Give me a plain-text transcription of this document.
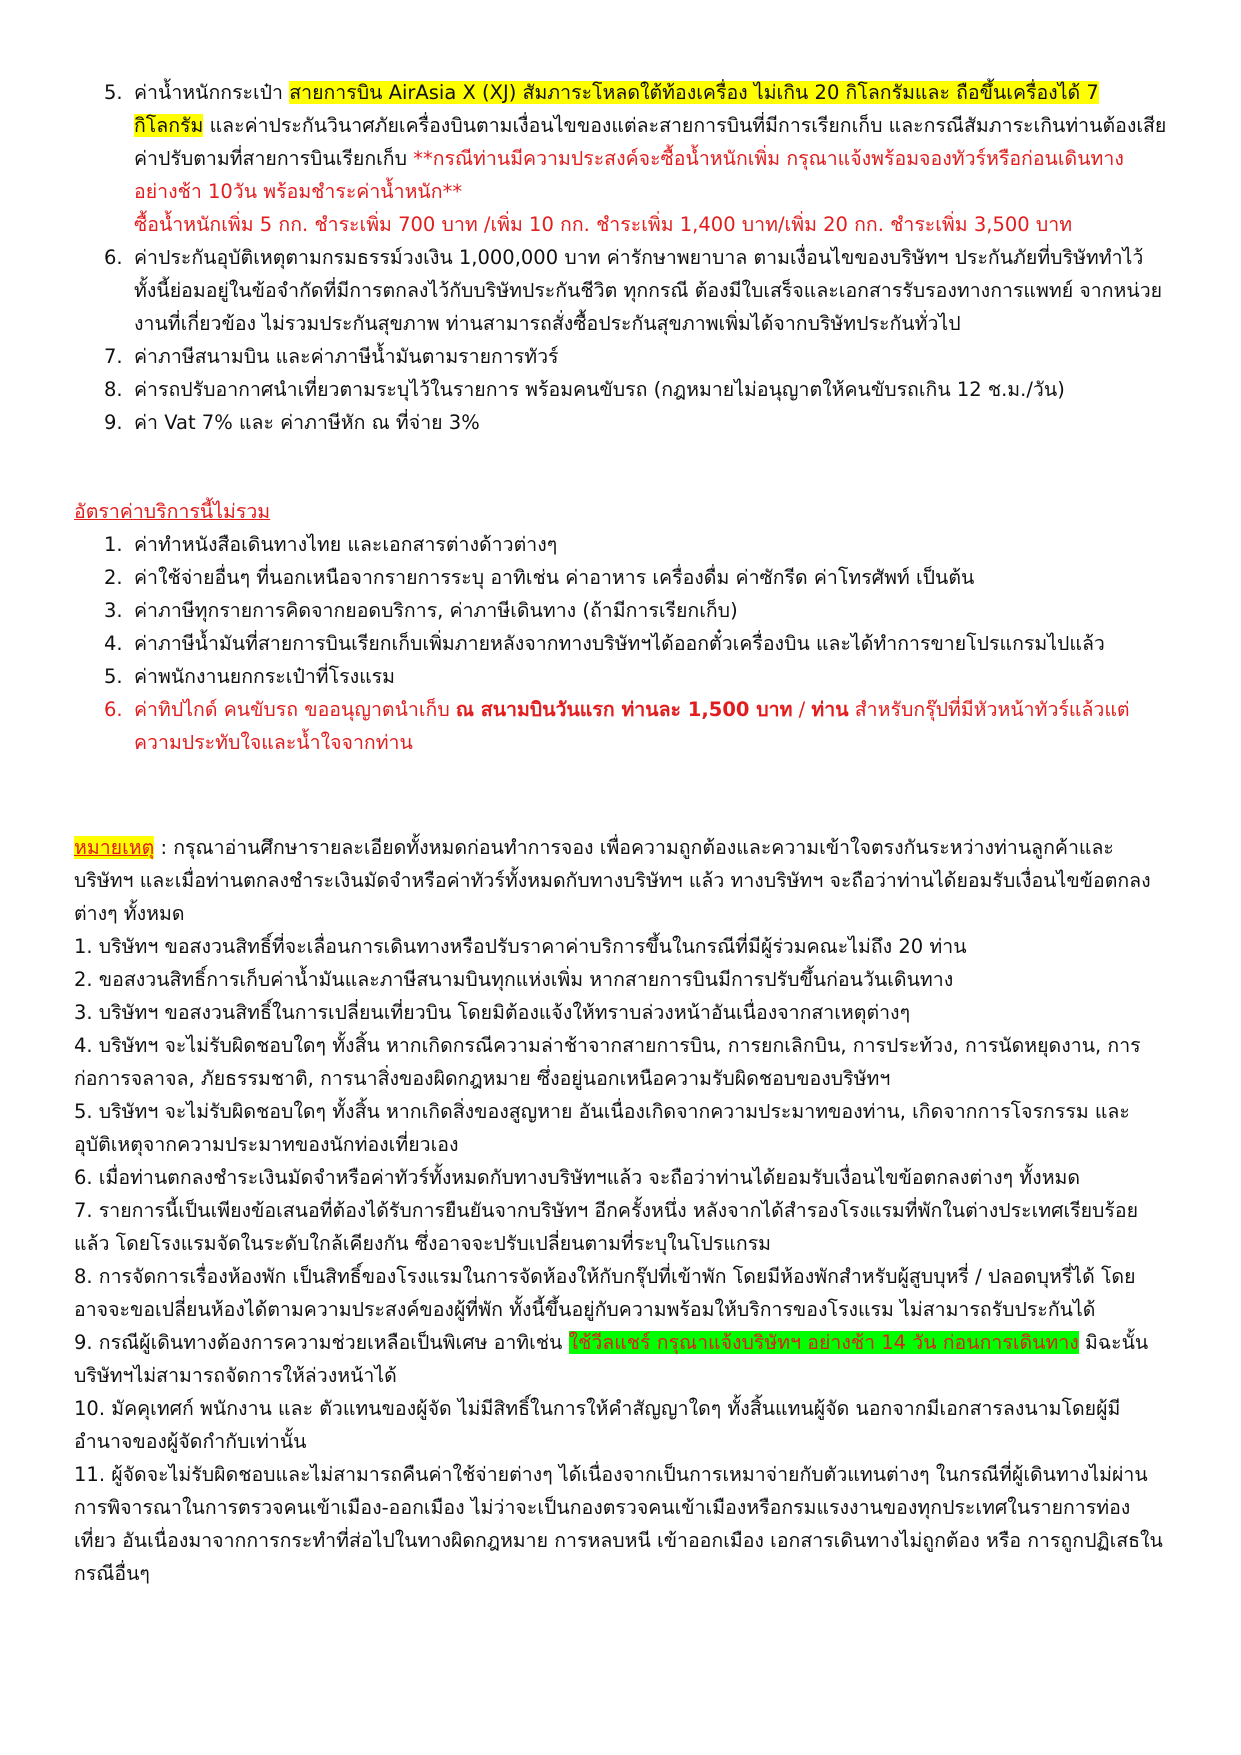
5. ค่าน้ำหนักกระเป๋า สายการบิน AirAsia X (XJ) สัมภาระโหลดใต้ท้องเครื่อง ไม่เกิน 20 กิโลกรัมและ ถือขึ้นเครื่องได้ 7 กิโลกรัม และค่าประกันวินาศภัยเครื่องบินตามเงื่อนไขของแต่ละสายการบินที่มีการเรียกเก็บ และกรณีสัมภาระเกินท่านต้องเสียค่าปรับตามที่สายการบินเรียกเก็บ **กรณีท่านมีความประสงค์จะซื้อน้ำหนักเพิ่ม กรุณาแจ้งพร้อมจองทัวร์หรือก่อนเดินทาง อย่างช้า 10วัน พร้อมชำระค่าน้ำหนัก**
ซื้อน้ำหนักเพิ่ม 5 กก. ชำระเพิ่ม 700 บาท /เพิ่ม 10 กก. ชำระเพิ่ม 1,400 บาท/เพิ่ม 20 กก. ชำระเพิ่ม 3,500 บาท
6. ค่าประกันอุบัติเหตุตามกรมธรรม์วงเงิน 1,000,000 บาท ค่ารักษาพยาบาล ตามเงื่อนไขของบริษัทฯ ประกันภัยที่บริษัททำไว้ ทั้งนี้ย่อมอยู่ในข้อจำกัดที่มีการตกลงไว้กับบริษัทประกันชีวิต ทุกกรณี ต้องมีใบเสร็จและเอกสารรับรองทางการแพทย์ จากหน่วยงานที่เกี่ยวข้อง ไม่รวมประกันสุขภาพ ท่านสามารถสั่งซื้อประกันสุขภาพเพิ่มได้จากบริษัทประกันทั่วไป
7. ค่าภาษีสนามบิน และค่าภาษีน้ำมันตามรายการทัวร์
8. ค่ารถปรับอากาศนำเที่ยวตามระบุไว้ในรายการ พร้อมคนขับรถ (กฎหมายไม่อนุญาตให้คนขับรถเกิน 12 ช.ม./วัน)
9. ค่า Vat 7% และ ค่าภาษีหัก ณ ที่จ่าย 3%
อัตราค่าบริการนี้ไม่รวม
1. ค่าทำหนังสือเดินทางไทย และเอกสารต่างด้าวต่างๆ
2. ค่าใช้จ่ายอื่นๆ ที่นอกเหนือจากรายการระบุ อาทิเช่น ค่าอาหาร เครื่องดื่ม ค่าซักรีด ค่าโทรศัพท์ เป็นต้น
3. ค่าภาษีทุกรายการคิดจากยอดบริการ, ค่าภาษีเดินทาง (ถ้ามีการเรียกเก็บ)
4. ค่าภาษีน้ำมันที่สายการบินเรียกเก็บเพิ่มภายหลังจากทางบริษัทฯได้ออกตั๋วเครื่องบิน และได้ทำการขายโปรแกรมไปแล้ว
5. ค่าพนักงานยกกระเป๋าที่โรงแรม
6. ค่าทิปไกด์ คนขับรถ ขออนุญาตนำเก็บ ณ สนามบินวันแรก ท่านละ 1,500 บาท / ท่าน สำหรับกรุ๊ปที่มีหัวหน้าทัวร์แล้วแต่ความประทับใจและน้ำใจจากท่าน

หมายเหตุ : กรุณาอ่านศึกษารายละเอียดทั้งหมดก่อนทำการจอง เพื่อความถูกต้องและความเข้าใจตรงกันระหว่างท่านลูกค้าและบริษัทฯ และเมื่อท่านตกลงชำระเงินมัดจำหรือค่าทัวร์ทั้งหมดกับทางบริษัทฯ แล้ว ทางบริษัทฯ จะถือว่าท่านได้ยอมรับเงื่อนไขข้อตกลงต่างๆ ทั้งหมด

1. บริษัทฯ ขอสงวนสิทธิ์ที่จะเลื่อนการเดินทางหรือปรับราคาค่าบริการขึ้นในกรณีที่มีผู้ร่วมคณะไม่ถึง 20 ท่าน

2. ขอสงวนสิทธิ์การเก็บค่าน้ำมันและภาษีสนามบินทุกแห่งเพิ่ม หากสายการบินมีการปรับขึ้นก่อนวันเดินทาง

3. บริษัทฯ ขอสงวนสิทธิ์ในการเปลี่ยนเที่ยวบิน โดยมิต้องแจ้งให้ทราบล่วงหน้าอันเนื่องจากสาเหตุต่างๆ

4. บริษัทฯ จะไม่รับผิดชอบใดๆ ทั้งสิ้น หากเกิดกรณีความล่าช้าจากสายการบิน, การยกเลิกบิน, การประท้วง, การนัดหยุดงาน, การก่อการจลาจล, ภัยธรรมชาติ, การนาสิ่งของผิดกฎหมาย ซึ่งอยู่นอกเหนือความรับผิดชอบของบริษัทฯ

5. บริษัทฯ จะไม่รับผิดชอบใดๆ ทั้งสิ้น หากเกิดสิ่งของสูญหาย อันเนื่องเกิดจากความประมาทของท่าน, เกิดจากการโจรกรรม และ อุบัติเหตุจากความประมาทของนักท่องเที่ยวเอง

6. เมื่อท่านตกลงชำระเงินมัดจำหรือค่าทัวร์ทั้งหมดกับทางบริษัทฯแล้ว จะถือว่าท่านได้ยอมรับเงื่อนไขข้อตกลงต่างๆ ทั้งหมด

7. รายการนี้เป็นเพียงข้อเสนอที่ต้องได้รับการยืนยันจากบริษัทฯ อีกครั้งหนึ่ง หลังจากได้สำรองโรงแรมที่พักในต่างประเทศเรียบร้อยแล้ว โดยโรงแรมจัดในระดับใกล้เคียงกัน ซึ่งอาจจะปรับเปลี่ยนตามที่ระบุในโปรแกรม

8. การจัดการเรื่องห้องพัก เป็นสิทธิ์ของโรงแรมในการจัดห้องให้กับกรุ๊ปที่เข้าพัก โดยมีห้องพักสำหรับผู้สูบบุหรี่ / ปลอดบุหรี่ได้ โดยอาจจะขอเปลี่ยนห้องได้ตามความประสงค์ของผู้ที่พัก ทั้งนี้ขึ้นอยู่กับความพร้อมให้บริการของโรงแรม ไม่สามารถรับประกันได้

9. กรณีผู้เดินทางต้องการความช่วยเหลือเป็นพิเศษ อาทิเช่น ใช้วีลแชร์ กรุณาแจ้งบริษัทฯ อย่างช้า 14 วัน ก่อนการเดินทาง มิฉะนั้นบริษัทฯไม่สามารถจัดการให้ล่วงหน้าได้

10. มัคคุเทศก์ พนักงาน และ ตัวแทนของผู้จัด ไม่มีสิทธิ์ในการให้คำสัญญาใดๆ ทั้งสิ้นแทนผู้จัด นอกจากมีเอกสารลงนามโดยผู้มีอำนาจของผู้จัดกำกับเท่านั้น

11. ผู้จัดจะไม่รับผิดชอบและไม่สามารถคืนค่าใช้จ่ายต่างๆ ได้เนื่องจากเป็นการเหมาจ่ายกับตัวแทนต่างๆ ในกรณีที่ผู้เดินทางไม่ผ่านการพิจารณาในการตรวจคนเข้าเมือง-ออกเมือง ไม่ว่าจะเป็นกองตรวจคนเข้าเมืองหรือกรมแรงงานของทุกประเทศในรายการท่องเที่ยว อันเนื่องมาจากการกระทำที่ส่อไปในทางผิดกฎหมาย การหลบหนี เข้าออกเมือง เอกสารเดินทางไม่ถูกต้อง หรือ การถูกปฏิเสธในกรณีอื่นๆ
